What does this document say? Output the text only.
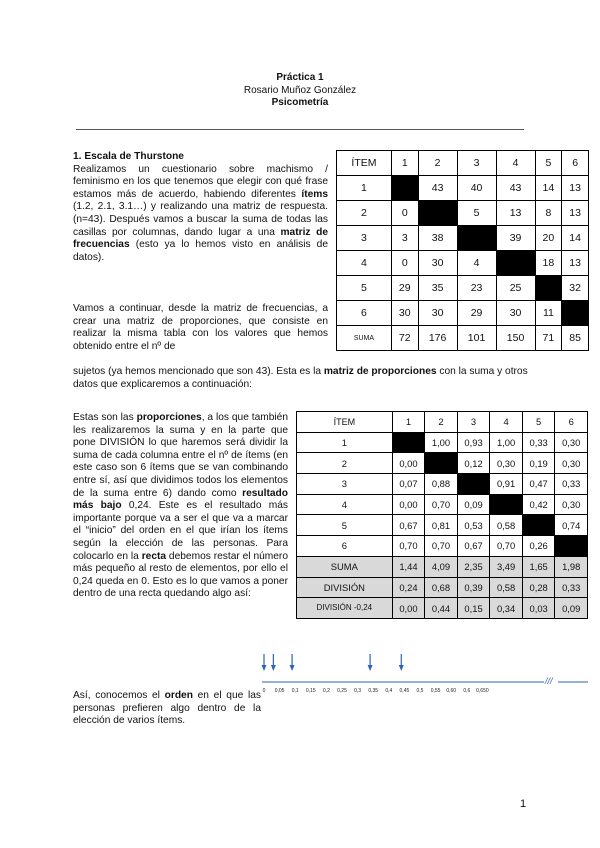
Práctica 1
Rosario Muñoz González
Psicometría
1. Escala de Thurstone
Realizamos un cuestionario sobre machismo / feminismo en los que tenemos que elegir con qué frase estamos más de acuerdo, habiendo diferentes ítems (1.2, 2.1, 3.1…) y realizando una matriz de respuesta. (n=43). Después vamos a buscar la suma de todas las casillas por columnas, dando lugar a una matriz de frecuencias (esto ya lo hemos visto en análisis de datos).
Vamos a continuar, desde la matriz de frecuencias, a crear una matriz de proporciones, que consiste en realizar la misma tabla con los valores que hemos obtenido entre el nº de
sujetos (ya hemos mencionado que son 43). Esta es la matriz de proporciones con la suma y otros datos que explicaremos a continuación:
ÍTEM	1	2	3	4	5	6
1		43	40	43	14	13
2	0		5	13	8	13
3	3	38		39	20	14
4	0	30	4		18	13
5	29	35	23	25		32
6	30	30	29	30	11	
SUMA	72	176	101	150	71	85
Estas son las proporciones, a los que también les realizaremos la suma y en la parte que pone DIVISIÓN lo que haremos será dividir la suma de cada columna entre el nº de ítems (en este caso son 6 ítems que se van combinando entre sí, así que dividimos todos los elementos de la suma entre 6) dando como resultado más bajo 0,24. Este es el resultado más importante porque va a ser el que va a marcar el “inicio” del orden en el que irían los ítems según la elección de las personas. Para colocarlo en la recta debemos restar el número más pequeño al resto de elementos, por ello el 0,24 queda en 0. Esto es lo que vamos a poner dentro de una recta quedando algo así:
Así, conocemos el orden en el que las personas prefieren algo dentro de la elección de varios ítems.
ÍTEM	1	2	3	4	5	6
1		1,00	0,93	1,00	0,33	0,30
2	0,00		0,12	0,30	0,19	0,30
3	0,07	0,88		0,91	0,47	0,33
4	0,00	0,70	0,09		0,42	0,30
5	0,67	0,81	0,53	0,58		0,74
6	0,70	0,70	0,67	0,70	0,26	
SUMA	1,44	4,09	2,35	3,49	1,65	1,98
DIVISIÓN	0,24	0,68	0,39	0,58	0,28	0,33
DIVISIÓN -0,24	0,00	0,44	0,15	0,34	0,03	0,09
///
0 0,05 0,1 0,15 0,2 0,25 0,3 0,35 0,4 0,45 0,5 0,55 0,60 0,6 0,650
1
